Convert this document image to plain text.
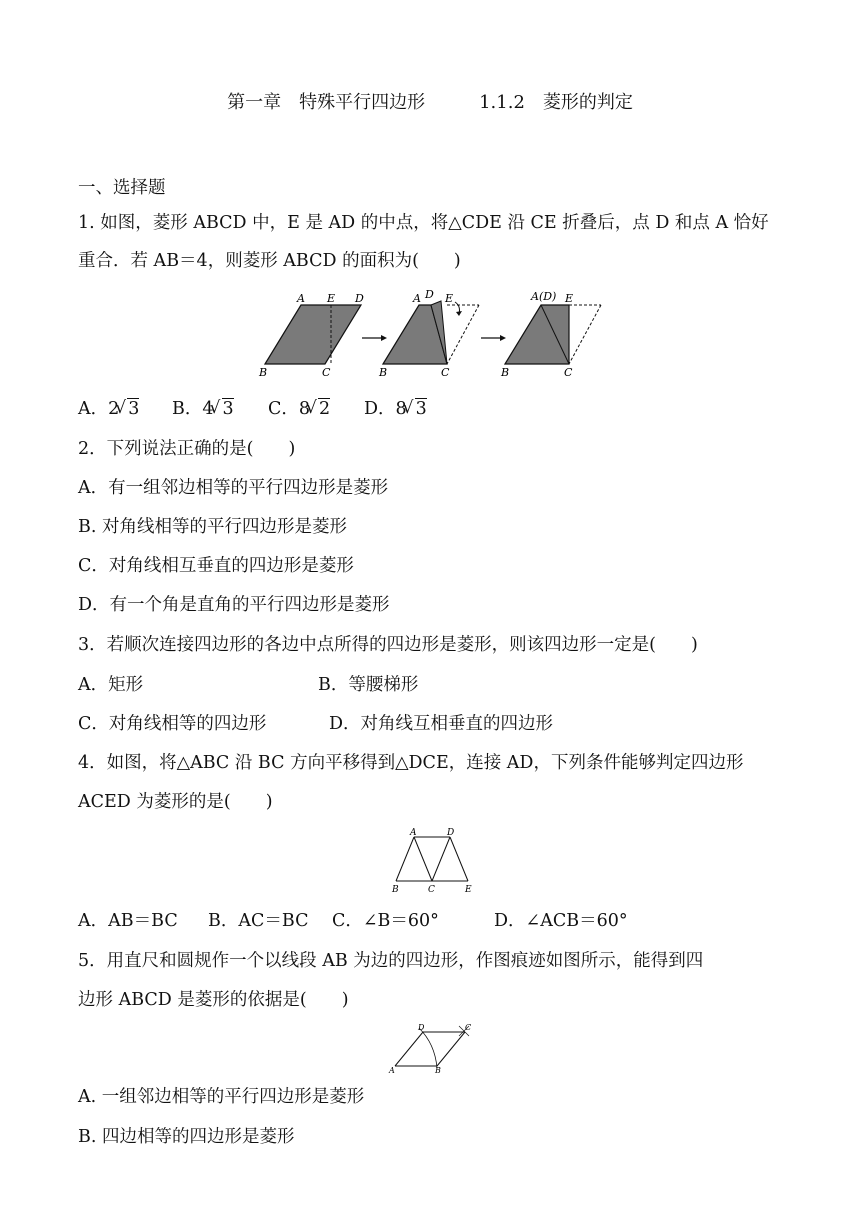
第一章　特殊平行四边形　　　1.1.2　菱形的判定
一、选择题
1. 如图，菱形 ABCD 中，E 是 AD 的中点，将△CDE 沿 CE 折叠后，点 D 和点 A 恰好
重合．若 AB＝4，则菱形 ABCD 的面积为(　　)
A E D
B	C
A D E
B	C
A(D) E
B	C
A．2 √ 3 B．4 √ 3 C．8 √ 2 D．8 √ 3
2．下列说法正确的是(　　)
A．有一组邻边相等的平行四边形是菱形
B. 对角线相等的平行四边形是菱形
C．对角线相互垂直的四边形是菱形
D．有一个角是直角的平行四边形是菱形
3．若顺次连接四边形的各边中点所得的四边形是菱形，则该四边形一定是(　　)
A．矩形	B．等腰梯形
C．对角线相等的四边形	D．对角线互相垂直的四边形
4．如图，将△ABC 沿 BC 方向平移得到△DCE，连接 AD，下列条件能够判定四边形
ACED 为菱形的是(　　)
A	D
B	C	E
A．AB＝BC B．AC＝BC C．∠B＝60°	D．∠ACB＝60°
5．用直尺和圆规作一个以线段 AB 为边的四边形，作图痕迹如图所示，能得到四
边形 ABCD 是菱形的依据是(　　)
D	C
A	B
A. 一组邻边相等的平行四边形是菱形
B. 四边相等的四边形是菱形
